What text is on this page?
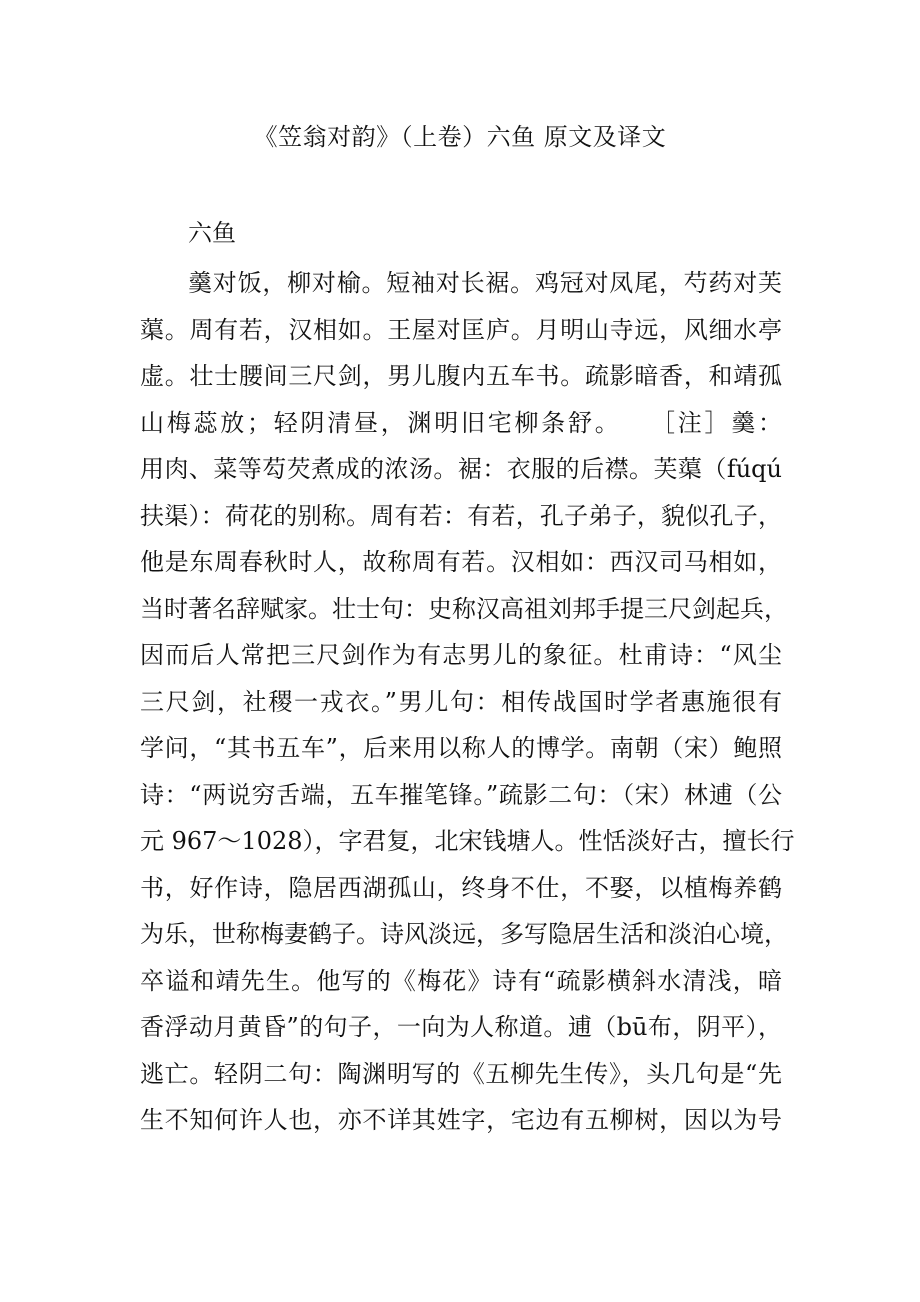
《笠翁对韵》（上卷）六鱼 原文及译文
六鱼
羹对饭，柳对榆。短袖对长裾。鸡冠对凤尾，芍药对芙
蕖。周有若，汉相如。王屋对匡庐。月明山寺远，风细水亭
虚。壮士腰间三尺剑，男儿腹内五车书。疏影暗香，和靖孤
山梅蕊放；轻阴清昼，渊明旧宅柳条舒。　　［注］羹：
用肉、菜等芶芡煮成的浓汤。裾：衣服的后襟。芙蕖（fúqú
扶渠）：荷花的别称。周有若：有若，孔子弟子，貌似孔子，
他是东周春秋时人，故称周有若。汉相如：西汉司马相如，
当时著名辞赋家。壮士句：史称汉高祖刘邦手提三尺剑起兵，
因而后人常把三尺剑作为有志男儿的象征。杜甫诗：“风尘
三尺剑，社稷一戎衣。”男儿句：相传战国时学者惠施很有
学问，“其书五车”，后来用以称人的博学。南朝（宋）鲍照
诗：“两说穷舌端，五车摧笔锋。”疏影二句：（宋）林逋（公
元 967～1028），字君复，北宋钱塘人。性恬淡好古，擅长行
书，好作诗，隐居西湖孤山，终身不仕，不娶，以植梅养鹤
为乐，世称梅妻鹤子。诗风淡远，多写隐居生活和淡泊心境，
卒谥和靖先生。他写的《梅花》诗有“疏影横斜水清浅，暗
香浮动月黄昏”的句子，一向为人称道。逋（bū布，阴平），
逃亡。轻阴二句：陶渊明写的《五柳先生传》，头几句是“先
生不知何许人也，亦不详其姓字，宅边有五柳树，因以为号
